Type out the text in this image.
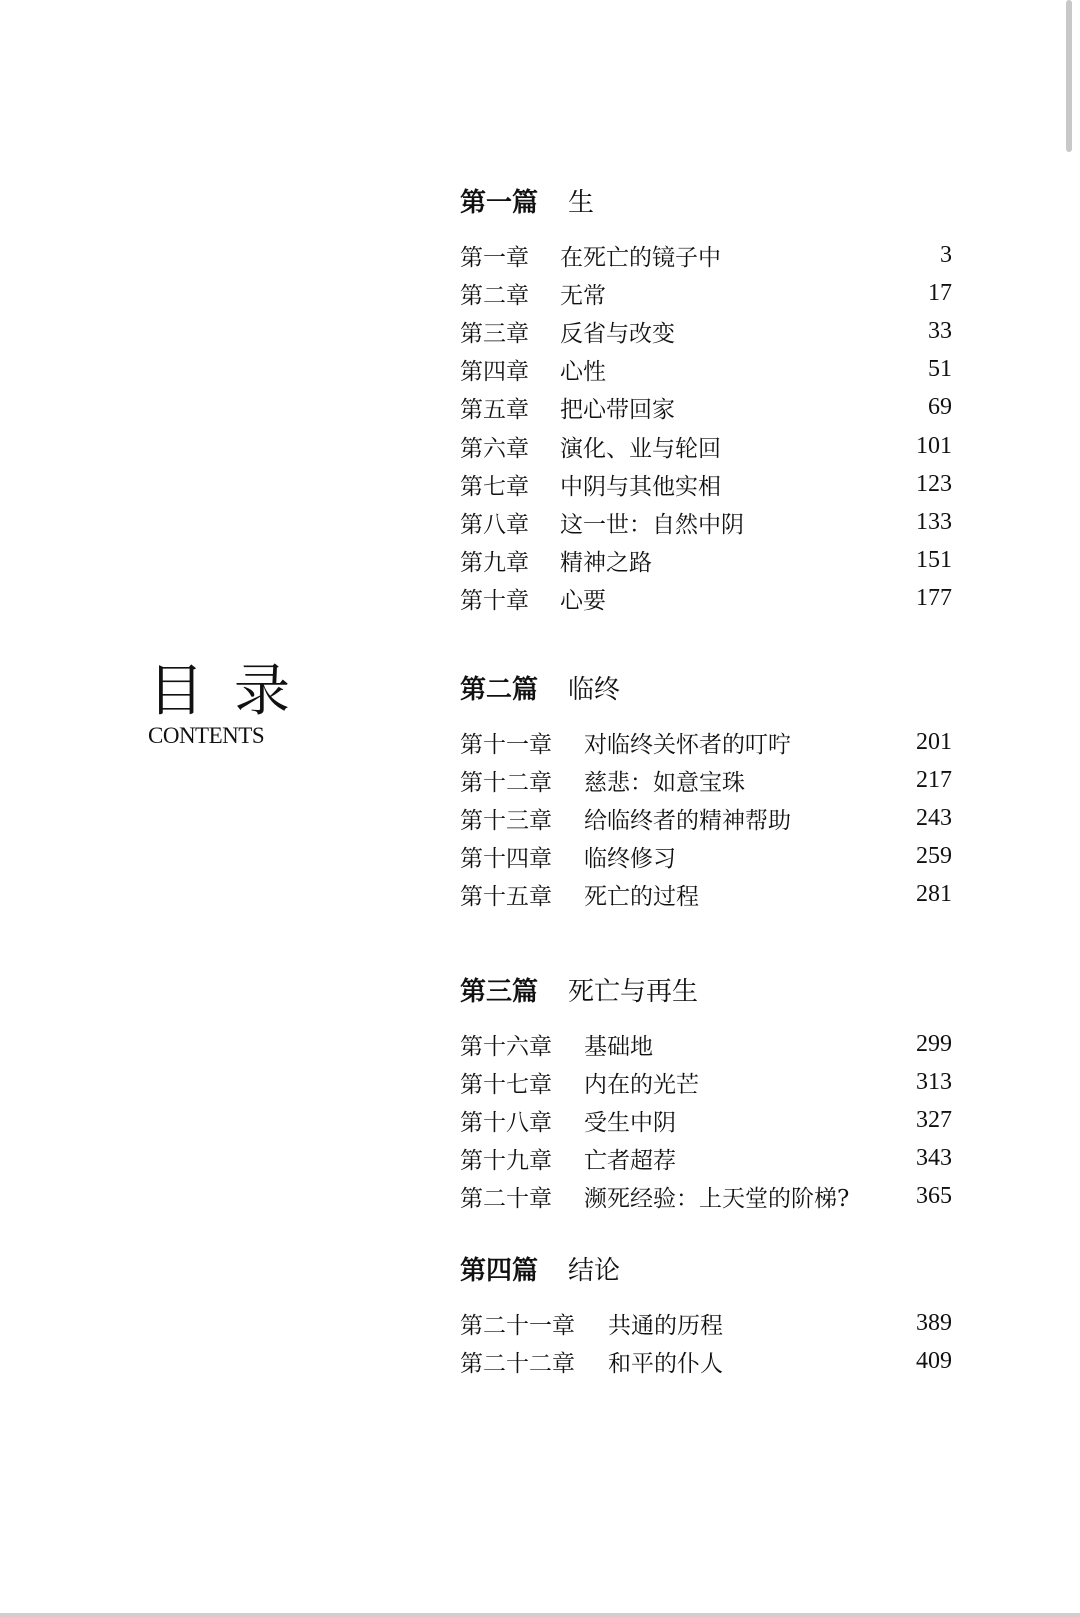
目录
CONTENTS
第一篇 生
第一章	在死亡的镜子中	3
第二章	无常	17
第三章	反省与改变	33
第四章	心性	51
第五章	把心带回家	69
第六章	演化、业与轮回	101
第七章	中阴与其他实相	123
第八章	这一世：自然中阴	133
第九章	精神之路	151
第十章	心要	177
第二篇 临终
第十一章	对临终关怀者的叮咛	201
第十二章	慈悲：如意宝珠	217
第十三章	给临终者的精神帮助	243
第十四章	临终修习	259
第十五章	死亡的过程	281
第三篇 死亡与再生
第十六章	基础地	299
第十七章	内在的光芒	313
第十八章	受生中阴	327
第十九章	亡者超荐	343
第二十章	濒死经验：上天堂的阶梯?	365
第四篇 结论
第二十一章	共通的历程	389
第二十二章	和平的仆人	409
